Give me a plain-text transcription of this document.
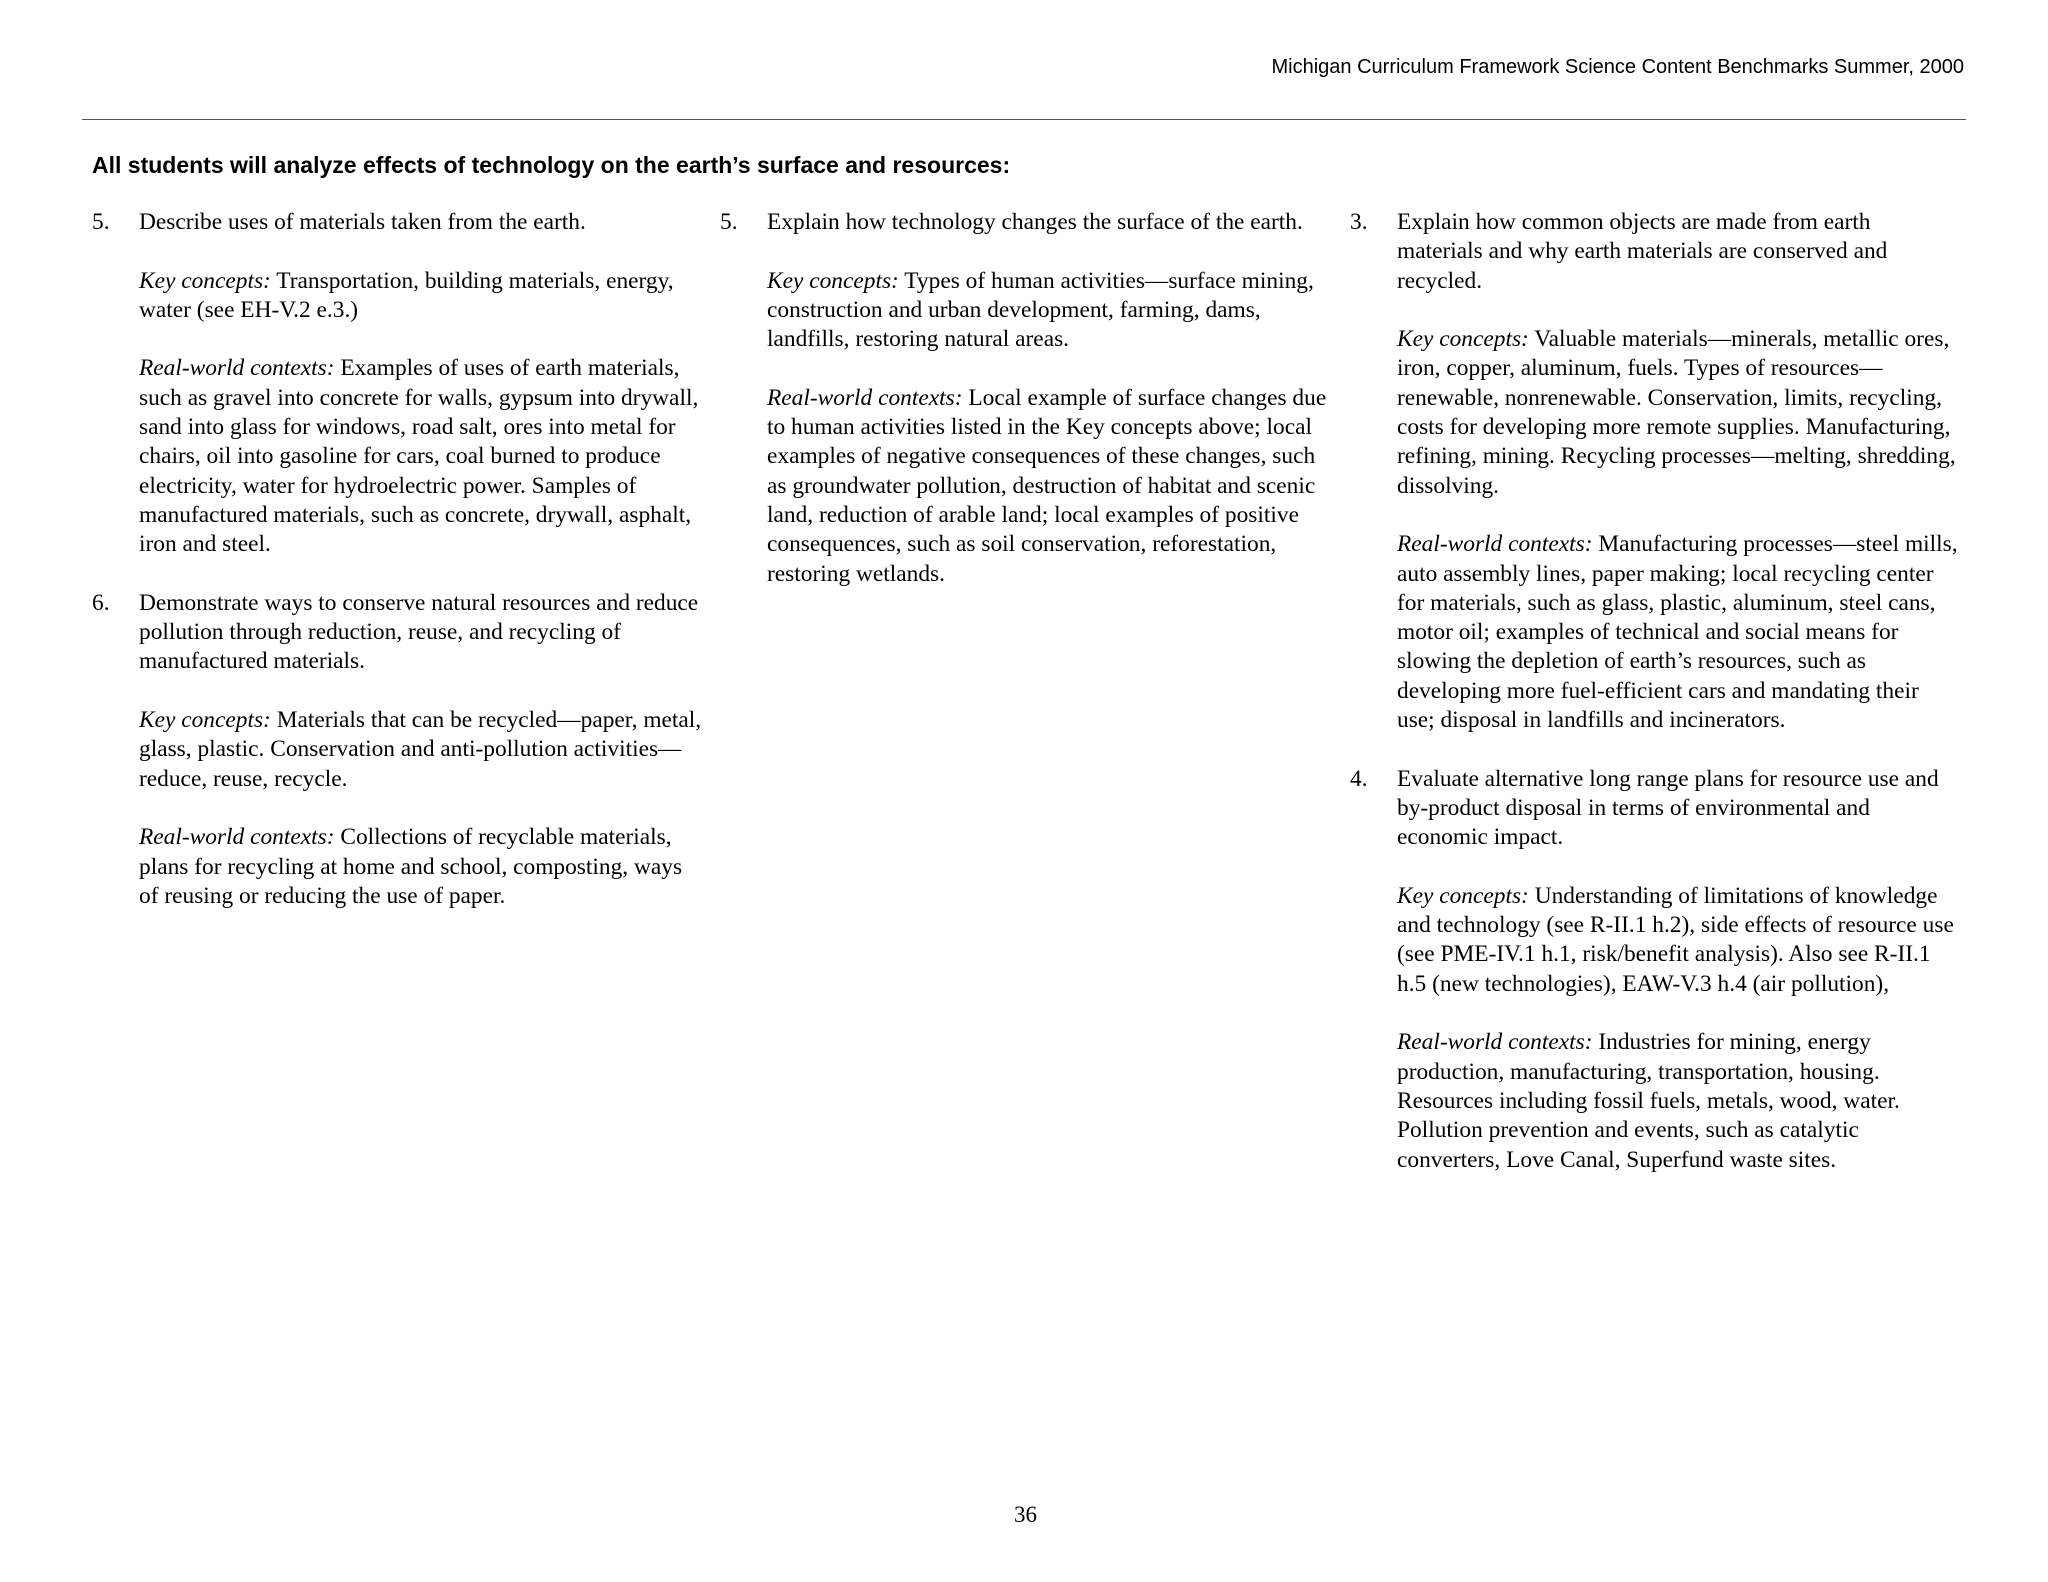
Michigan Curriculum Framework Science Content Benchmarks Summer, 2000
All students will analyze effects of technology on the earth’s surface and resources:
5. Describe uses of materials taken from the earth.

Key concepts: Transportation, building materials, energy, water (see EH-V.2 e.3.)

Real-world contexts: Examples of uses of earth materials, such as gravel into concrete for walls, gypsum into drywall, sand into glass for windows, road salt, ores into metal for chairs, oil into gasoline for cars, coal burned to produce electricity, water for hydroelectric power. Samples of manufactured materials, such as concrete, drywall, asphalt, iron and steel.

6. Demonstrate ways to conserve natural resources and reduce pollution through reduction, reuse, and recycling of manufactured materials.

Key concepts: Materials that can be recycled—paper, metal, glass, plastic. Conservation and anti-pollution activities—reduce, reuse, recycle.

Real-world contexts: Collections of recyclable materials, plans for recycling at home and school, composting, ways of reusing or reducing the use of paper.

5. Explain how technology changes the surface of the earth.

Key concepts: Types of human activities—surface mining, construction and urban development, farming, dams, landfills, restoring natural areas.

Real-world contexts: Local example of surface changes due to human activities listed in the Key concepts above; local examples of negative consequences of these changes, such as groundwater pollution, destruction of habitat and scenic land, reduction of arable land; local examples of positive consequences, such as soil conservation, reforestation, restoring wetlands.

3. Explain how common objects are made from earth materials and why earth materials are conserved and recycled.

Key concepts: Valuable materials—minerals, metallic ores, iron, copper, aluminum, fuels. Types of resources—renewable, nonrenewable. Conservation, limits, recycling, costs for developing more remote supplies. Manufacturing, refining, mining. Recycling processes—melting, shredding, dissolving.

Real-world contexts: Manufacturing processes—steel mills, auto assembly lines, paper making; local recycling center for materials, such as glass, plastic, aluminum, steel cans, motor oil; examples of technical and social means for slowing the depletion of earth’s resources, such as developing more fuel-efficient cars and mandating their use; disposal in landfills and incinerators.

4. Evaluate alternative long range plans for resource use and by-product disposal in terms of environmental and economic impact.

Key concepts: Understanding of limitations of knowledge and technology (see R-II.1 h.2), side effects of resource use (see PME-IV.1 h.1, risk/benefit analysis). Also see R-II.1 h.5 (new technologies), EAW-V.3 h.4 (air pollution),

Real-world contexts: Industries for mining, energy production, manufacturing, transportation, housing. Resources including fossil fuels, metals, wood, water. Pollution prevention and events, such as catalytic converters, Love Canal, Superfund waste sites.

36
